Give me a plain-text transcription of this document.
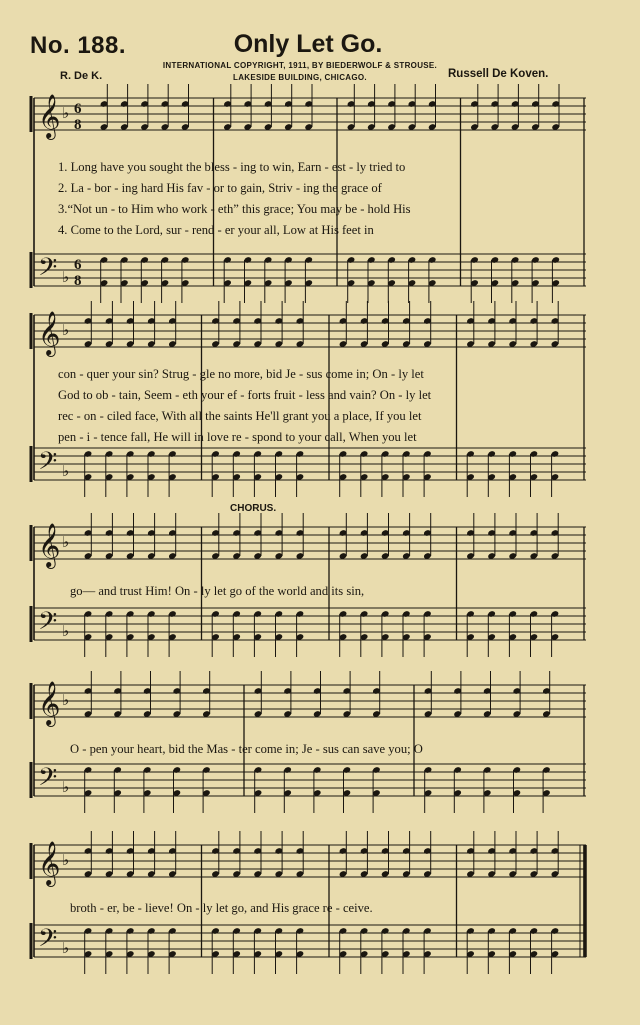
𝄞
𝄢
♭
♭
6
8
6
8
𝄞
𝄢
♭
♭
𝄞
𝄢
♭
♭
𝄞
𝄢
♭
♭
𝄞
𝄢
♭
♭
No. 188.	Only Let Go.
INTERNATIONAL COPYRIGHT, 1911, BY BIEDERWOLF & STROUSE.
LAKESIDE BUILDING, CHICAGO.
R. De K.	Russell De Koven.
CHORUS.
1. Long have you sought the bless - ing to win, Earn - est - ly tried to
2. La - bor - ing hard His fav - or to gain, Striv - ing the grace of
3.“Not un - to Him who work - eth” this grace; You may be - hold His
4. Come to the Lord, sur - rend - er your all, Low at His feet in
con - quer your sin? Strug - gle no more, bid Je - sus come in; On - ly let
God to ob - tain, Seem - eth your ef - forts fruit - less and vain? On - ly let
rec - on - ciled face, With all the saints He'll grant you a place, If you let
pen - i - tence fall, He will in love re - spond to your call, When you let
go— and trust Him! On - ly let go of the world and its sin,
O - pen your heart, bid the Mas - ter come in; Je - sus can save you; O
broth - er, be - lieve! On - ly let go, and His grace re - ceive.
